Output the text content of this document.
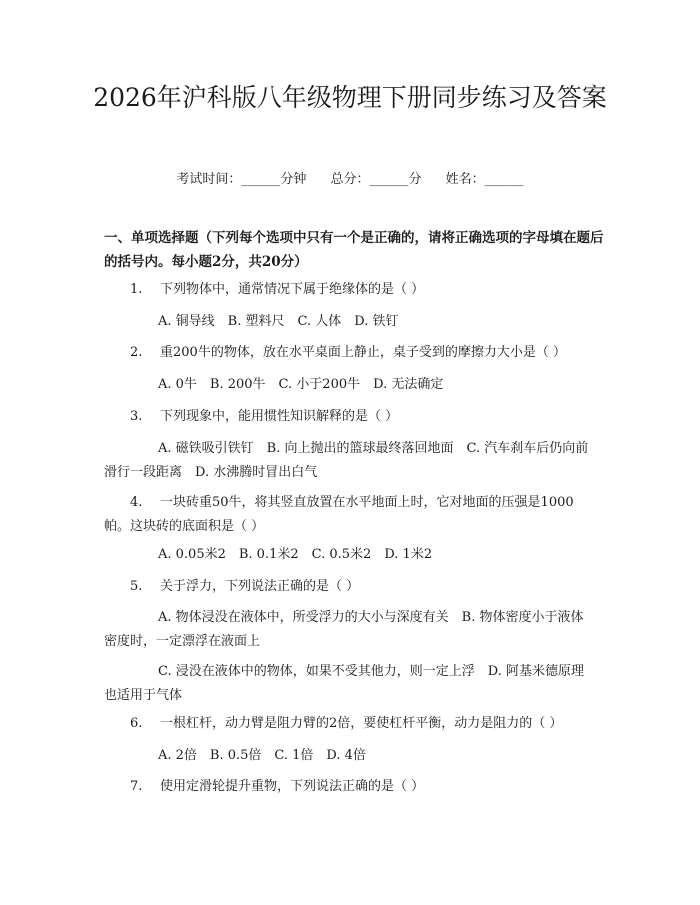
2026年沪科版八年级物理下册同步练习及答案
考试时间：______分钟 总分：______分 姓名：______
一、单项选择题（下列每个选项中只有一个是正确的，请将正确选项的字母填在题后的括号内。每小题2分，共20分）
1. 下列物体中，通常情况下属于绝缘体的是（ ）
A. 铜导线　B. 塑料尺　C. 人体　D. 铁钉
2. 重200牛的物体，放在水平桌面上静止，桌子受到的摩擦力大小是（ ）
A. 0牛　B. 200牛　C. 小于200牛　D. 无法确定
3. 下列现象中，能用惯性知识解释的是（ ）
A. 磁铁吸引铁钉　B. 向上抛出的篮球最终落回地面　C. 汽车刹车后仍向前滑行一段距离　D. 水沸腾时冒出白气
4. 一块砖重50牛，将其竖直放置在水平地面上时，它对地面的压强是1000帕。这块砖的底面积是（ ）
A. 0.05米2　B. 0.1米2　C. 0.5米2　D. 1米2
5. 关于浮力，下列说法正确的是（ ）
A. 物体浸没在液体中，所受浮力的大小与深度有关　B. 物体密度小于液体密度时，一定漂浮在液面上
C. 浸没在液体中的物体，如果不受其他力，则一定上浮　D. 阿基米德原理也适用于气体
6. 一根杠杆，动力臂是阻力臂的2倍，要使杠杆平衡，动力是阻力的（ ）
A. 2倍　B. 0.5倍　C. 1倍　D. 4倍
7. 使用定滑轮提升重物，下列说法正确的是（ ）
